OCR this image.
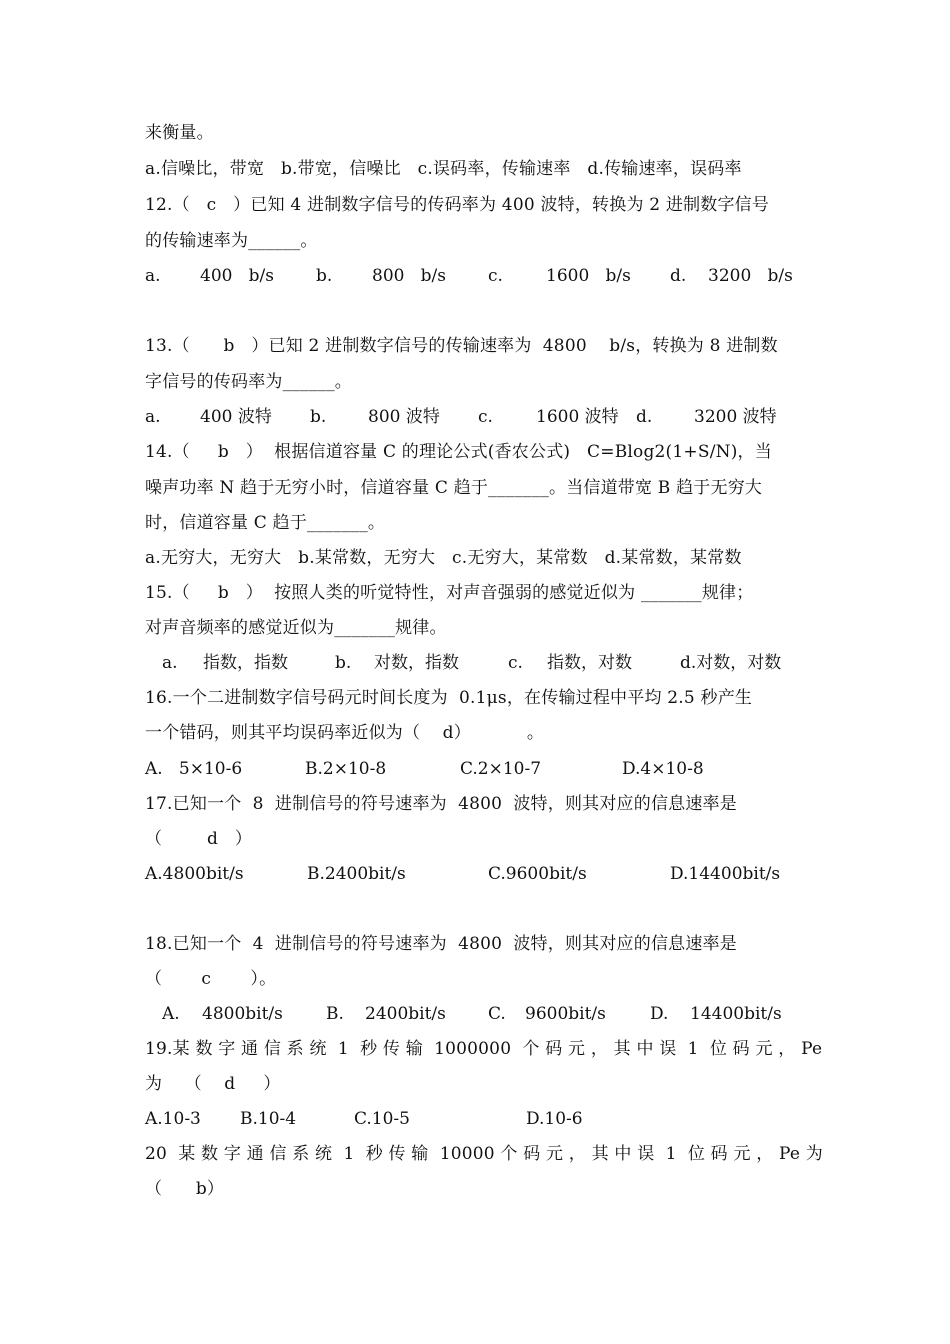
来衡量。
a.信噪比，带宽   b.带宽，信噪比   c.误码率，传输速率   d.传输速率，误码率
12.（   c   ）已知 4 进制数字信号的传码率为 400 波特，转换为 2 进制数字信号
的传输速率为______。
a. 400   b/s b. 800   b/s c.	1600   b/s d. 3200   b/s
13.（      b   ）已知 2 进制数字信号的传输速率为  4800    b/s，转换为 8 进制数
字信号的传码率为______。
a. 400 波特 b. 800 波特 c.	1600 波特 d. 3200 波特
14.（     b   ）  根据信道容量 C 的理论公式(香农公式)   C=Blog2(1+S/N)，当
噪声功率 N 趋于无穷小时，信道容量 C 趋于_______。当信道带宽 B 趋于无穷大
时，信道容量 C 趋于_______。
a.无穷大，无穷大   b.某常数，无穷大   c.无穷大，某常数   d.某常数，某常数
15.（     b   ）  按照人类的听觉特性，对声音强弱的感觉近似为 _______规律；
对声音频率的感觉近似为_______规律。
a. 指数，指数	b. 对数，指数	c. 指数，对数	d.对数，对数
16.一个二进制数字信号码元时间长度为  0.1μs，在传输过程中平均 2.5 秒产生
一个错码，则其平均误码率近似为（    d）          。
A.   5×10-6	B.2×10-8	C.2×10-7	D.4×10-8
17.已知一个  8  进制信号的符号速率为  4800  波特，则其对应的信息速率是
（        d   ）
A.4800bit/s	B.2400bit/s	C.9600bit/s	D.14400bit/s
18.已知一个  4  进制信号的符号速率为  4800  波特，则其对应的信息速率是
（       c       ）。
A. 4800bit/s	B. 2400bit/s C. 9600bit/s	D. 14400bit/s
19.某 数 字 通 信 系 统  1  秒 传 输  1000000  个 码 元 ， 其 中 误  1  位 码 元 ， Pe
为    （    d     ）
A.10-3 B.10-4	C.10-5	D.10-6
20  某 数 字 通 信 系 统  1  秒 传 输  10000 个 码 元 ， 其 中 误  1  位 码 元 ， Pe 为
（      b）
